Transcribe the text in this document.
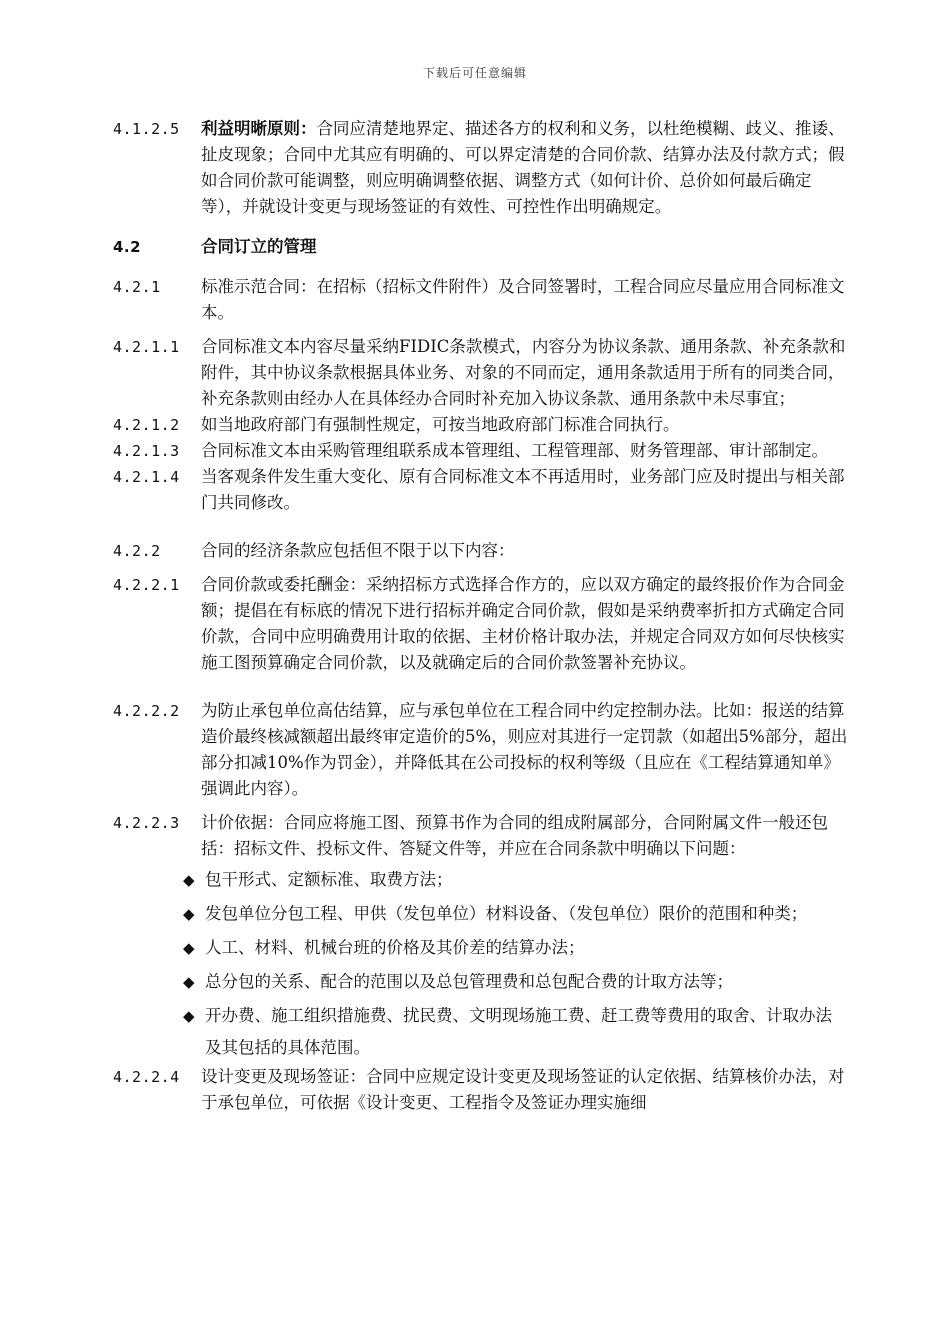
下载后可任意编辑
4.1.2.5	利益明晰原则：合同应清楚地界定、描述各方的权利和义务，以杜绝模糊、歧义、推诿、扯皮现象；合同中尤其应有明确的、可以界定清楚的合同价款、结算办法及付款方式；假如合同价款可能调整，则应明确调整依据、调整方式（如何计价、总价如何最后确定等），并就设计变更与现场签证的有效性、可控性作出明确规定。
4.2	合同订立的管理
4.2.1	标准示范合同：在招标（招标文件附件）及合同签署时，工程合同应尽量应用合同标准文本。
4.2.1.1	合同标准文本内容尽量采纳FIDIC条款模式，内容分为协议条款、通用条款、补充条款和附件，其中协议条款根据具体业务、对象的不同而定，通用条款适用于所有的同类合同，补充条款则由经办人在具体经办合同时补充加入协议条款、通用条款中未尽事宜；
4.2.1.2	如当地政府部门有强制性规定，可按当地政府部门标准合同执行。
4.2.1.3	合同标准文本由采购管理组联系成本管理组、工程管理部、财务管理部、审计部制定。
4.2.1.4	当客观条件发生重大变化、原有合同标准文本不再适用时，业务部门应及时提出与相关部门共同修改。
4.2.2	合同的经济条款应包括但不限于以下内容：
4.2.2.1	合同价款或委托酬金：采纳招标方式选择合作方的，应以双方确定的最终报价作为合同金额；提倡在有标底的情况下进行招标并确定合同价款，假如是采纳费率折扣方式确定合同价款，合同中应明确费用计取的依据、主材价格计取办法，并规定合同双方如何尽快核实施工图预算确定合同价款，以及就确定后的合同价款签署补充协议。
4.2.2.2	为防止承包单位高估结算，应与承包单位在工程合同中约定控制办法。比如：报送的结算造价最终核减额超出最终审定造价的5%，则应对其进行一定罚款（如超出5%部分，超出部分扣减10%作为罚金），并降低其在公司投标的权利等级（且应在《工程结算通知单》强调此内容）。
4.2.2.3	计价依据：合同应将施工图、预算书作为合同的组成附属部分，合同附属文件一般还包括：招标文件、投标文件、答疑文件等，并应在合同条款中明确以下问题：
◆ 包干形式、定额标准、取费方法；
◆ 发包单位分包工程、甲供（发包单位）材料设备、（发包单位）限价的范围和种类；
◆ 人工、材料、机械台班的价格及其价差的结算办法；
◆ 总分包的关系、配合的范围以及总包管理费和总包配合费的计取方法等；
◆ 开办费、施工组织措施费、扰民费、文明现场施工费、赶工费等费用的取舍、计取办法及其包括的具体范围。
4.2.2.4	设计变更及现场签证：合同中应规定设计变更及现场签证的认定依据、结算核价办法，对于承包单位，可依据《设计变更、工程指令及签证办理实施细
